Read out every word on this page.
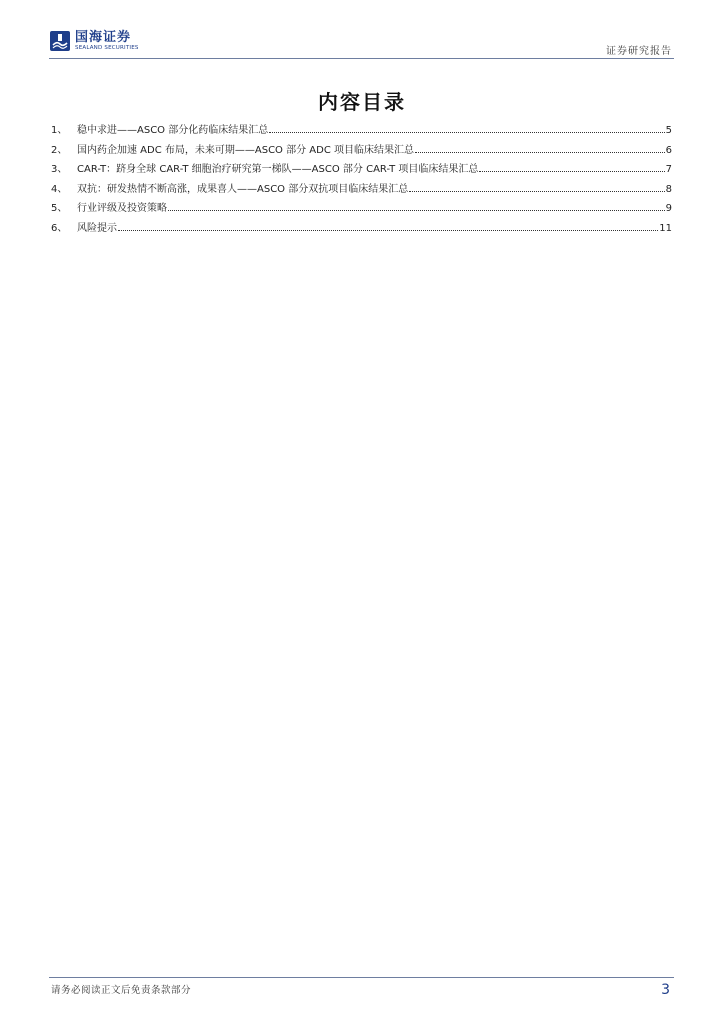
国海证券
SEALAND SECURITIES	证券研究报告
内容目录
1、 稳中求进——ASCO 部分化药临床结果汇总	5
2、 国内药企加速 ADC 布局，未来可期——ASCO 部分 ADC 项目临床结果汇总	6
3、 CAR-T：跻身全球 CAR-T 细胞治疗研究第一梯队——ASCO 部分 CAR-T 项目临床结果汇总	7
4、 双抗：研发热情不断高涨，成果喜人——ASCO 部分双抗项目临床结果汇总	8
5、 行业评级及投资策略	9
6、 风险提示	11
请务必阅读正文后免责条款部分	3
